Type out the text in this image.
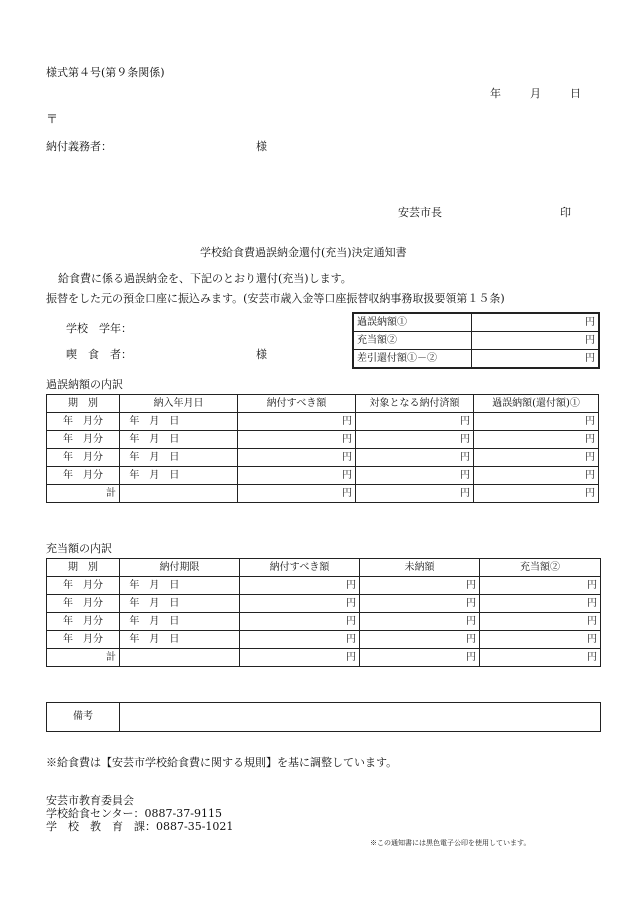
様式第４号(第９条関係)
年	月	日
〒
納付義務者：	様
安芸市長	印
学校給食費過誤納金還付(充当)決定通知書
給食費に係る過誤納金を、下記のとおり還付(充当)します。
振替をした元の預金口座に振込みます。(安芸市歳入金等口座振替収納事務取扱要領第１５条)
学校　学年：
喫　食　者：	様
過誤納額①	円
充当額②	円
差引還付額①－②	円
過誤納額の内訳
期　別	納入年月日	納付すべき額	対象となる納付済額	過誤納額(還付額)①
年　 月分	年　 月　 日	円	円	円
年　 月分	年　 月　 日	円	円	円
年　 月分	年　 月　 日	円	円	円
年　 月分	年　 月　 日	円	円	円
計		円	円	円
充当額の内訳
期　別	納付期限	納付すべき額	未納額	充当額②
年　 月分	年　 月　 日	円	円	円
年　 月分	年　 月　 日	円	円	円
年　 月分	年　 月　 日	円	円	円
年　 月分	年　 月　 日	円	円	円
計		円	円	円
備考	
※給食費は【安芸市学校給食費に関する規則】を基に調整しています。
安芸市教育委員会
学校給食センター：0887-37-9115
学　校　教　育　課：0887-35-1021
※この通知書には黒色電子公印を使用しています。
